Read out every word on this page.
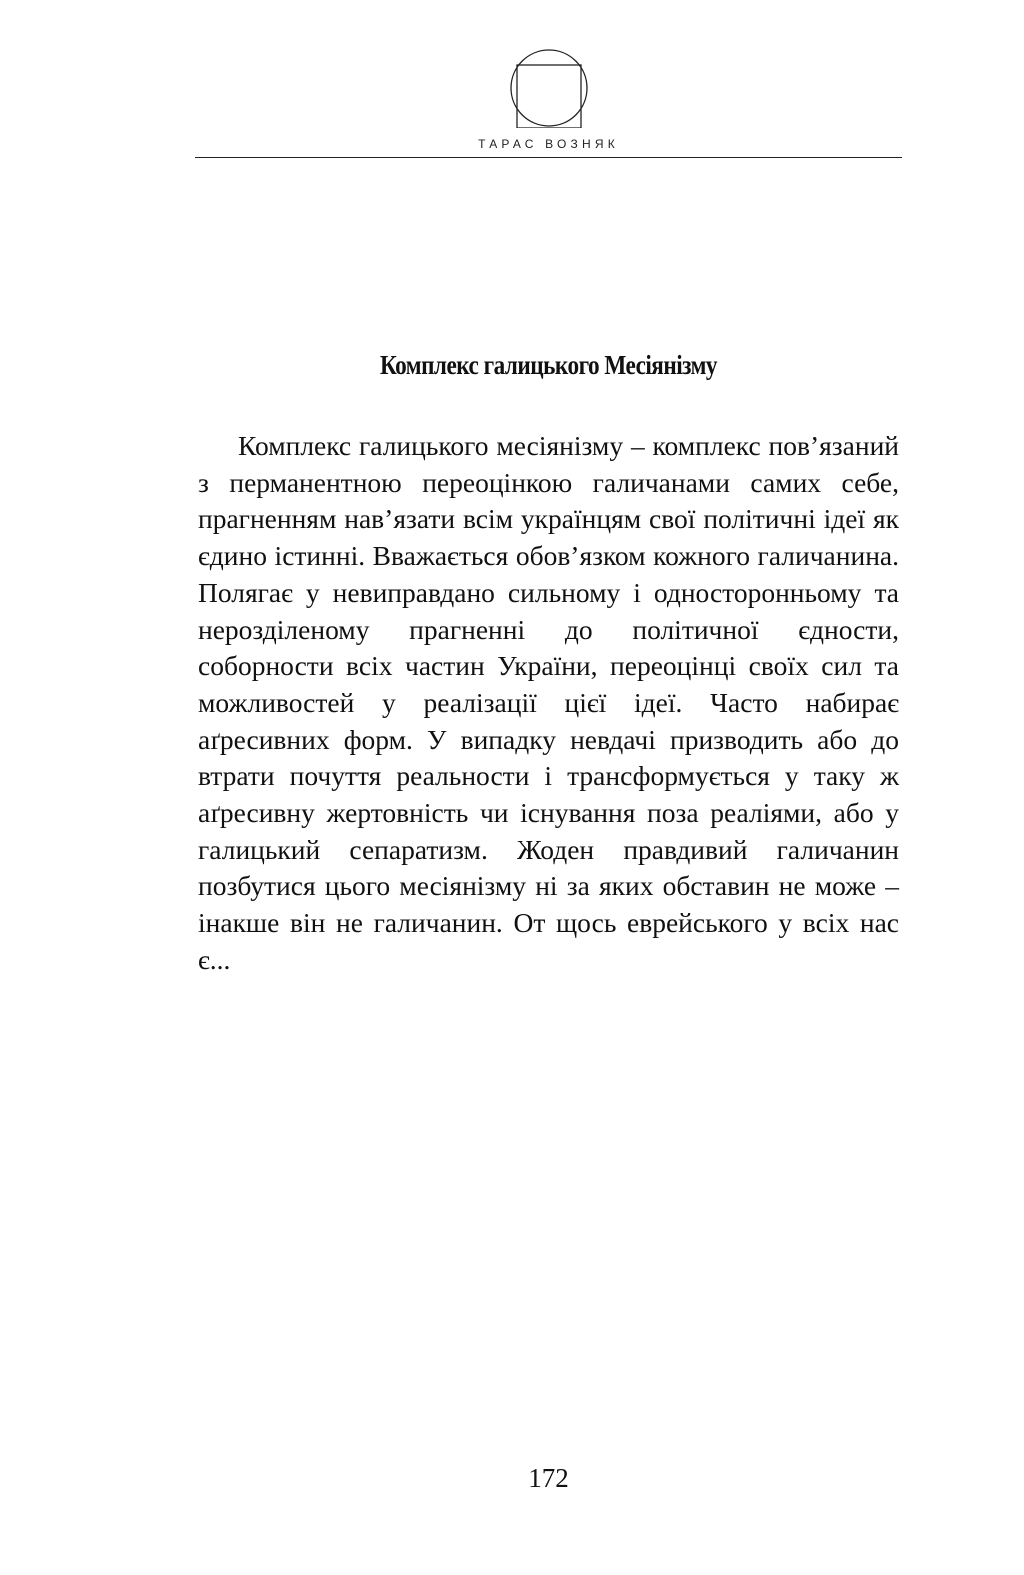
ТАРАС ВОЗНЯК
Комплекс галицького Месіянізму

Комплекс галицького месіянізму – комплекс пов’язаний з перманентною переоцінкою галичанами самих себе, прагненням нав’язати всім українцям свої політичні ідеї як єдино істинні. Вважається обов’язком кожного галичанина. Полягає у невиправдано сильному і односторонньому та нерозділеному прагненні до політичної єдности, соборности всіх частин України, переоцінці своїх сил та можливостей у реалізації цієї ідеї. Часто набирає аґресивних форм. У випадку невдачі призводить або до втрати почуття реальности і трансформується у таку ж аґресивну жертовність чи існування поза реаліями, або у галицький сепаратизм. Жоден правдивий галичанин позбутися цього месіянізму ні за яких обставин не може – інакше він не галичанин. От щось еврейського у всіх нас є...

172
